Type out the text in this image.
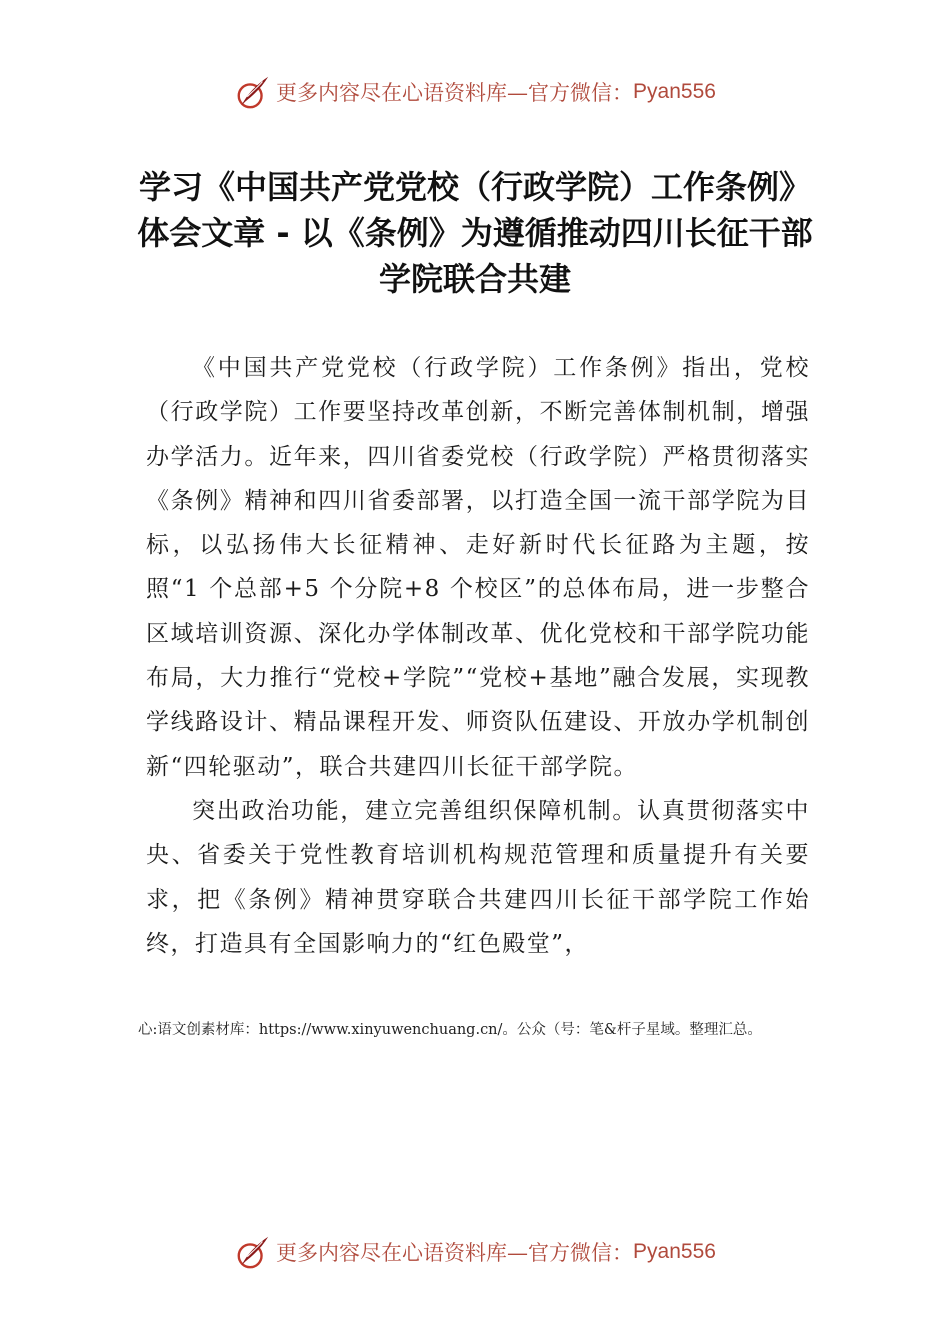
更多内容尽在心语资料库—官方微信： Pyan556
学习《中国共产党党校（行政学院）工作条例》体会文章 - 以《条例》为遵循推动四川长征干部学院联合共建

《中国共产党党校（行政学院）工作条例》指出，党校（行政学院）工作要坚持改革创新，不断完善体制机制，增强办学活力。近年来，四川省委党校（行政学院）严格贯彻落实《条例》精神和四川省委部署，以打造全国一流干部学院为目标，以弘扬伟大长征精神、走好新时代长征路为主题，按照“1 个总部+5 个分院+8 个校区”的总体布局，进一步整合区域培训资源、深化办学体制改革、优化党校和干部学院功能布局，大力推行“党校+学院”“党校+基地”融合发展，实现教学线路设计、精品课程开发、师资队伍建设、开放办学机制创新“四轮驱动”，联合共建四川长征干部学院。

突出政治功能，建立完善组织保障机制。认真贯彻落实中央、省委关于党性教育培训机构规范管理和质量提升有关要求，把《条例》精神贯穿联合共建四川长征干部学院工作始终，打造具有全国影响力的“红色殿堂”，

心:语文创素材库：https://www.xinyuwenchuang.cn/。公众（号：笔&杆子星域。整理汇总。

更多内容尽在心语资料库—官方微信： Pyan556
